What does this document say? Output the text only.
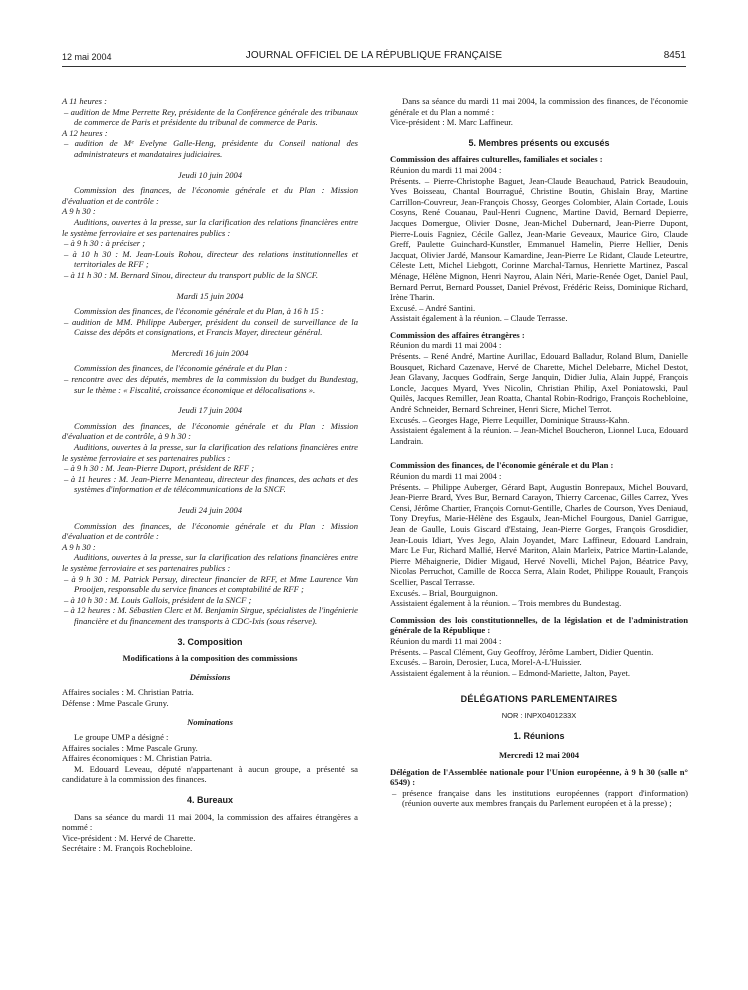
12 mai 2004	JOURNAL OFFICIEL DE LA RÉPUBLIQUE FRANÇAISE	8451
A 11 heures :
– audition de Mme Perrette Rey, présidente de la Conférence générale des tribunaux de commerce de Paris et présidente du tribunal de commerce de Paris.
A 12 heures :
– audition de Mᵉ Evelyne Galle-Heng, présidente du Conseil national des administrateurs et mandataires judiciaires.
Jeudi 10 juin 2004
Commission des finances, de l'économie générale et du Plan : Mission d'évaluation et de contrôle :
A 9 h 30 :
Auditions, ouvertes à la presse, sur la clarification des relations financières entre le système ferroviaire et ses partenaires publics :
– à 9 h 30 : à préciser ;
– à 10 h 30 : M. Jean-Louis Rohou, directeur des relations institutionnelles et territoriales de RFF ;
– à 11 h 30 : M. Bernard Sinou, directeur du transport public de la SNCF.
Mardi 15 juin 2004
Commission des finances, de l'économie générale et du Plan, à 16 h 15 :
– audition de MM. Philippe Auberger, président du conseil de surveillance de la Caisse des dépôts et consignations, et Francis Mayer, directeur général.
Mercredi 16 juin 2004
Commission des finances, de l'économie générale et du Plan :
– rencontre avec des députés, membres de la commission du budget du Bundestag, sur le thème : « Fiscalité, croissance économique et délocalisations ».
Jeudi 17 juin 2004
Commission des finances, de l'économie générale et du Plan : Mission d'évaluation et de contrôle, à 9 h 30 :
Auditions, ouvertes à la presse, sur la clarification des relations financières entre le système ferroviaire et ses partenaires publics :
– à 9 h 30 : M. Jean-Pierre Duport, président de RFF ;
– à 11 heures : M. Jean-Pierre Menanteau, directeur des finances, des achats et des systèmes d'information et de télécommunications de la SNCF.
Jeudi 24 juin 2004
Commission des finances, de l'économie générale et du Plan : Mission d'évaluation et de contrôle :
A 9 h 30 :
Auditions, ouvertes à la presse, sur la clarification des relations financières entre le système ferroviaire et ses partenaires publics :
– à 9 h 30 : M. Patrick Persuy, directeur financier de RFF, et Mme Laurence Van Prooijen, responsable du service finances et comptabilité de RFF ;
– à 10 h 30 : M. Louis Gallois, président de la SNCF ;
– à 12 heures : M. Sébastien Clerc et M. Benjamin Sirgue, spécialistes de l'ingénierie financière et du financement des transports à CDC-Ixis (sous réserve).
3. Composition
Modifications à la composition des commissions
Démissions
Affaires sociales : M. Christian Patria.
Défense : Mme Pascale Gruny.
Nominations
Le groupe UMP a désigné :
Affaires sociales : Mme Pascale Gruny.
Affaires économiques : M. Christian Patria.
M. Edouard Leveau, député n'appartenant à aucun groupe, a présenté sa candidature à la commission des finances.
4. Bureaux
Dans sa séance du mardi 11 mai 2004, la commission des affaires étrangères a nommé :
Vice-président : M. Hervé de Charette.
Secrétaire : M. François Rochebloine.
Dans sa séance du mardi 11 mai 2004, la commission des finances, de l'économie générale et du Plan a nommé :
Vice-président : M. Marc Laffineur.
5. Membres présents ou excusés
Commission des affaires culturelles, familiales et sociales :
Réunion du mardi 11 mai 2004 :
Présents. – Pierre-Christophe Baguet, Jean-Claude Beauchaud, Patrick Beaudouin, Yves Boisseau, Chantal Bourragué, Christine Boutin, Ghislain Bray, Martine Carrillon-Couvreur, Jean-François Chossy, Georges Colombier, Alain Cortade, Louis Cosyns, René Couanau, Paul-Henri Cugnenc, Martine David, Bernard Depierre, Jacques Domergue, Olivier Dosne, Jean-Michel Dubernard, Jean-Pierre Dupont, Pierre-Louis Fagniez, Cécile Gallez, Jean-Marie Geveaux, Maurice Giro, Claude Greff, Paulette Guinchard-Kunstler, Emmanuel Hamelin, Pierre Hellier, Denis Jacquat, Olivier Jardé, Mansour Kamardine, Jean-Pierre Le Ridant, Claude Leteurtre, Céleste Lett, Michel Liebgott, Corinne Marchal-Tarnus, Henriette Martinez, Pascal Ménage, Hélène Mignon, Henri Nayrou, Alain Néri, Marie-Renée Oget, Daniel Paul, Bernard Perrut, Bernard Pousset, Daniel Prévost, Frédéric Reiss, Dominique Richard, Irène Tharin.
Excusé. – André Santini.
Assistait également à la réunion. – Claude Terrasse.
Commission des affaires étrangères :
Réunion du mardi 11 mai 2004 :
Présents. – René André, Martine Aurillac, Edouard Balladur, Roland Blum, Danielle Bousquet, Richard Cazenave, Hervé de Charette, Michel Delebarre, Michel Destot, Jean Glavany, Jacques Godfrain, Serge Janquin, Didier Julia, Alain Juppé, François Loncle, Jacques Myard, Yves Nicolin, Christian Philip, Axel Poniatowski, Paul Quilès, Jacques Remiller, Jean Roatta, Chantal Robin-Rodrigo, François Rochebloine, André Schneider, Bernard Schreiner, Henri Sicre, Michel Terrot.
Excusés. – Georges Hage, Pierre Lequiller, Dominique Strauss-Kahn.
Assistaient également à la réunion. – Jean-Michel Boucheron, Lionnel Luca, Edouard Landrain.
Commission des finances, de l'économie générale et du Plan :
Réunion du mardi 11 mai 2004 :
Présents. – Philippe Auberger, Gérard Bapt, Augustin Bonrepaux, Michel Bouvard, Jean-Pierre Brard, Yves Bur, Bernard Carayon, Thierry Carcenac, Gilles Carrez, Yves Censi, Jérôme Chartier, François Cornut-Gentille, Charles de Courson, Yves Deniaud, Tony Dreyfus, Marie-Hélène des Esgaulx, Jean-Michel Fourgous, Daniel Garrigue, Jean de Gaulle, Louis Giscard d'Estaing, Jean-Pierre Gorges, François Grosdidier, Jean-Louis Idiart, Yves Jego, Alain Joyandet, Marc Laffineur, Edouard Landrain, Marc Le Fur, Richard Mallié, Hervé Mariton, Alain Marleix, Patrice Martin-Lalande, Pierre Méhaignerie, Didier Migaud, Hervé Novelli, Michel Pajon, Béatrice Pavy, Nicolas Perruchot, Camille de Rocca Serra, Alain Rodet, Philippe Rouault, François Scellier, Pascal Terrasse.
Excusés. – Brial, Bourguignon.
Assistaient également à la réunion. – Trois membres du Bundestag.
Commission des lois constitutionnelles, de la législation et de l'administration générale de la République :
Réunion du mardi 11 mai 2004 :
Présents. – Pascal Clément, Guy Geoffroy, Jérôme Lambert, Didier Quentin.
Excusés. – Baroin, Derosier, Luca, Morel-A-L'Huissier.
Assistaient également à la réunion. – Edmond-Mariette, Jalton, Payet.
DÉLÉGATIONS PARLEMENTAIRES
NOR : INPX0401233X
1. Réunions
Mercredi 12 mai 2004
Délégation de l'Assemblée nationale pour l'Union européenne, à 9 h 30 (salle n° 6549) :
– présence française dans les institutions européennes (rapport d'information) (réunion ouverte aux membres français du Parlement européen et à la presse) ;
